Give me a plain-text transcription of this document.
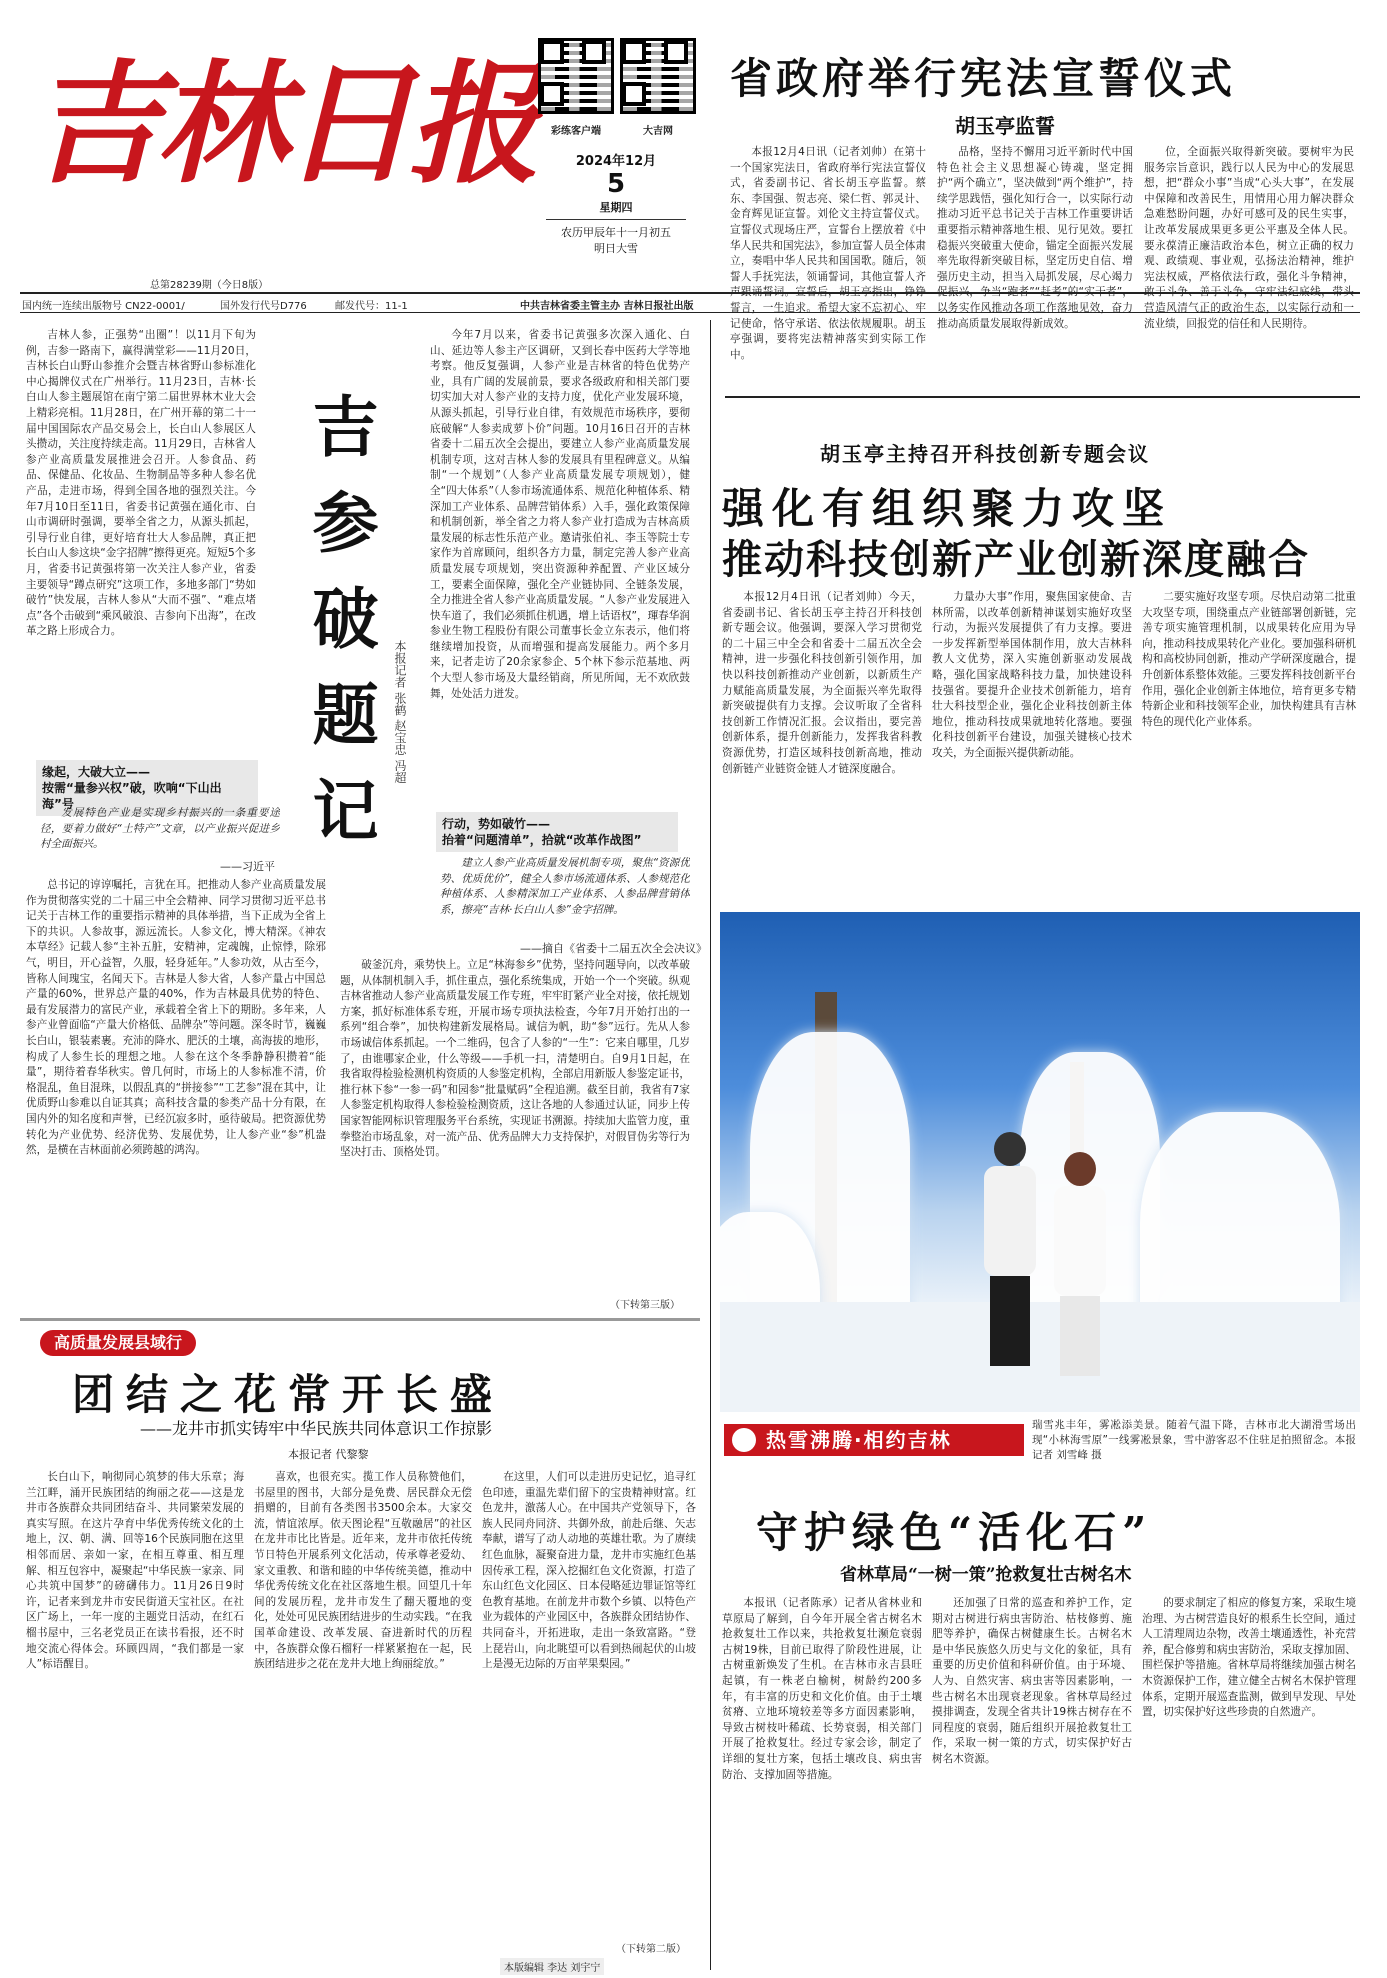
吉林日报	彩练客户端	大吉网
2024年12月
5
星期四
农历甲辰年十一月初五
明日大雪
总第28239期（今日8版）
国内统一连续出版物号 CN22-0001/	国外发行代号D776	邮发代号：11-1	中共吉林省委主管主办 吉林日报社出版
省政府举行宪法宣誓仪式
胡玉亭监誓
本报12月4日讯（记者刘帅）在第十一个国家宪法日，省政府举行宪法宣誓仪式，省委副书记、省长胡玉亭监誓。蔡东、李国强、贺志亮、梁仁哲、郭灵计、金育辉见证宣誓。刘伦文主持宣誓仪式。宣誓仪式现场庄严，宣誓台上摆放着《中华人民共和国宪法》，参加宣誓人员全体肃立，奏唱中华人民共和国国歌。随后，领誓人手抚宪法，领诵誓词，其他宣誓人齐声跟诵誓词。宣誓后，胡玉亭指出，铮铮誓言，一生追求。希望大家不忘初心、牢记使命，恪守承诺、依法依规履职。胡玉亭强调，要将宪法精神落实到实际工作中。
品格，坚持不懈用习近平新时代中国特色社会主义思想凝心铸魂，坚定拥护“两个确立”，坚决做到“两个维护”，持续学思践悟，强化知行合一，以实际行动推动习近平总书记关于吉林工作重要讲话重要指示精神落地生根、见行见效。要扛稳振兴突破重大使命，锚定全面振兴发展率先取得新突破目标，坚定历史自信、增强历史主动，担当入局抓发展，尽心竭力促振兴，争当“跑者”“赶考”的“实干者”，以务实作风推动各项工作落地见效，奋力推动高质量发展取得新成效。
位，全面振兴取得新突破。要树牢为民服务宗旨意识，践行以人民为中心的发展思想，把“群众小事”当成“心头大事”，在发展中保障和改善民生，用情用心用力解决群众急难愁盼问题，办好可感可及的民生实事，让改革发展成果更多更公平惠及全体人民。要永葆清正廉洁政治本色，树立正确的权力观、政绩观、事业观，弘扬法治精神，维护宪法权威，严格依法行政，强化斗争精神，敢于斗争、善于斗争，守牢法纪底线，带头营造风清气正的政治生态，以实际行动和一流业绩，回报党的信任和人民期待。
胡玉亭主持召开科技创新专题会议
强化有组织聚力攻坚
推动科技创新产业创新深度融合
本报12月4日讯（记者刘帅）今天，省委副书记、省长胡玉亭主持召开科技创新专题会议。他强调，要深入学习贯彻党的二十届三中全会和省委十二届五次全会精神，进一步强化科技创新引领作用，加快以科技创新推动产业创新，以新质生产力赋能高质量发展，为全面振兴率先取得新突破提供有力支撑。会议听取了全省科技创新工作情况汇报。会议指出，要完善创新体系，提升创新能力，发挥我省科教资源优势，打造区域科技创新高地，推动创新链产业链资金链人才链深度融合。
力量办大事”作用，聚焦国家使命、吉林所需，以改革创新精神谋划实施好攻坚行动，为振兴发展提供了有力支撑。要进一步发挥新型举国体制作用，放大吉林科教人文优势，深入实施创新驱动发展战略，强化国家战略科技力量，加快建设科技强省。要提升企业技术创新能力，培育壮大科技型企业，强化企业科技创新主体地位，推动科技成果就地转化落地。要强化科技创新平台建设，加强关键核心技术攻关，为全面振兴提供新动能。
二要实施好攻坚专项。尽快启动第二批重大攻坚专项，围绕重点产业链部署创新链，完善专项实施管理机制，以成果转化应用为导向，推动科技成果转化产业化。要加强科研机构和高校协同创新，推动产学研深度融合，提升创新体系整体效能。三要发挥科技创新平台作用，强化企业创新主体地位，培育更多专精特新企业和科技领军企业，加快构建具有吉林特色的现代化产业体系。
热雪沸腾·相约吉林
瑞雪兆丰年，雾凇添美景。随着气温下降，吉林市北大湖滑雪场出现“小林海雪原”一线雾凇景象，雪中游客忍不住驻足拍照留念。本报记者 刘雪峰 摄
守护绿色“活化石”
省林草局“一树一策”抢救复壮古树名木
本报讯（记者陈承）记者从省林业和草原局了解到，自今年开展全省古树名木抢救复壮工作以来，共抢救复壮濒危衰弱古树19株，目前已取得了阶段性进展，让古树重新焕发了生机。在吉林市永吉县旺起镇，有一株老白榆树，树龄约200多年，有丰富的历史和文化价值。由于土壤贫瘠、立地环境较差等多方面因素影响，导致古树枝叶稀疏、长势衰弱，相关部门开展了抢救复壮。经过专家会诊，制定了详细的复壮方案，包括土壤改良、病虫害防治、支撑加固等措施。
还加强了日常的巡查和养护工作，定期对古树进行病虫害防治、枯枝修剪、施肥等养护，确保古树健康生长。古树名木是中华民族悠久历史与文化的象征，具有重要的历史价值和科研价值。由于环境、人为、自然灾害、病虫害等因素影响，一些古树名木出现衰老现象。省林草局经过摸排调查，发现全省共计19株古树存在不同程度的衰弱，随后组织开展抢救复壮工作，采取一树一策的方式，切实保护好古树名木资源。
的要求制定了相应的修复方案，采取生境治理、为古树营造良好的根系生长空间，通过人工清理周边杂物，改善土壤通透性，补充营养，配合修剪和病虫害防治，采取支撑加固、围栏保护等措施。省林草局将继续加强古树名木资源保护工作，建立健全古树名木保护管理体系，定期开展巡查监测，做到早发现、早处置，切实保护好这些珍贵的自然遗产。
吉林人参，正强势“出圈”！以11月下旬为例，吉参一路南下，赢得满堂彩——11月20日，吉林长白山野山参推介会暨吉林省野山参标准化中心揭牌仪式在广州举行。11月23日，吉林·长白山人参主题展馆在南宁第二届世界林木业大会上精彩亮相。11月28日，在广州开幕的第二十一届中国国际农产品交易会上，长白山人参展区人头攒动，关注度持续走高。11月29日，吉林省人参产业高质量发展推进会召开。人参食品、药品、保健品、化妆品、生物制品等多种人参名优产品，走进市场，得到全国各地的强烈关注。今年7月10日至11日，省委书记黄强在通化市、白山市调研时强调，要举全省之力，从源头抓起，引导行业自律，更好培育壮大人参品牌，真正把长白山人参这块“金字招牌”擦得更亮。短短5个多月，省委书记黄强将第一次关注人参产业，省委主要领导“蹲点研究”这项工作，多地多部门“势如破竹”快发展，吉林人参从“大而不强”、“难点堵点”各个击破到“乘风破浪、吉参向下出海”，在改革之路上形成合力。	吉参破题记 本报记者 张鹤 赵宝忠 冯超
缘起，大破大立——
按需“量参兴权”破，吹响“下山出海”号
发展特色产业是实现乡村振兴的一条重要途径，要着力做好“土特产”文章，以产业振兴促进乡村全面振兴。
——习近平
总书记的谆谆嘱托，言犹在耳。把推动人参产业高质量发展作为贯彻落实党的二十届三中全会精神、同学习贯彻习近平总书记关于吉林工作的重要指示精神的具体举措，当下正成为全省上下的共识。人参故事，源远流长。人参文化，博大精深。《神农本草经》记载人参“主补五脏，安精神，定魂魄，止惊悸，除邪气，明目，开心益智，久服，轻身延年。”人参功效，从古至今，皆称人间瑰宝，名闻天下。吉林是人参大省，人参产量占中国总产量的60%，世界总产量的40%，作为吉林最具优势的特色、最有发展潜力的富民产业，承载着全省上下的期盼。多年来，人参产业曾面临“产量大价格低、品牌杂”等问题。深冬时节，巍巍长白山，银装素裹。充沛的降水、肥沃的土壤，高海拔的地形，构成了人参生长的理想之地。人参在这个冬季静静积攒着“能量”，期待着春华秋实。曾几何时，市场上的人参标准不清，价格混乱，鱼目混珠，以假乱真的“拼接参”“工艺参”混在其中，让优质野山参难以自证其真；高科技含量的参类产品十分有限，在国内外的知名度和声誉，已经沉寂多时，亟待破局。把资源优势转化为产业优势、经济优势、发展优势，让人参产业“参”机盎然，是横在吉林面前必须跨越的鸿沟。
今年7月以来，省委书记黄强多次深入通化、白山、延边等人参主产区调研，又到长春中医药大学等地考察。他反复强调，人参产业是吉林省的特色优势产业，具有广阔的发展前景，要求各级政府和相关部门要切实加大对人参产业的支持力度，优化产业发展环境，从源头抓起，引导行业自律，有效规范市场秩序，要彻底破解“人参卖成萝卜价”问题。10月16日召开的吉林省委十二届五次全会提出，要建立人参产业高质量发展机制专项，这对吉林人参的发展具有里程碑意义。从编制“一个规划”（人参产业高质量发展专项规划），健全“四大体系”（人参市场流通体系、规范化种植体系、精深加工产业体系、品牌营销体系）入手，强化政策保障和机制创新，举全省之力将人参产业打造成为吉林高质量发展的标志性乐范产业。邀请张伯礼、李玉等院士专家作为首席顾问，组织各方力量，制定完善人参产业高质量发展专项规划，突出资源种养配置、产业区域分工，要素全面保障，强化全产业链协同、全链条发展，全力推进全省人参产业高质量发展。“人参产业发展进入快车道了，我们必须抓住机遇，增上话语权”，琿春华润参业生物工程股份有限公司董事长金立东表示，他们将继续增加投资，从而增强和提高发展能力。两个多月来，记者走访了20余家参企、5个林下参示范基地、两个大型人参市场及大量经销商，所见所闻，无不欢欣鼓舞，处处活力迸发。
行动，势如破竹——
抬着“问题清单”，拾就“改革作战图”
建立人参产业高质量发展机制专项，聚焦“资源优势、优质优价”，健全人参市场流通体系、人参规范化种植体系、人参精深加工产业体系、人参品牌营销体系，擦亮“吉林·长白山人参”金字招牌。
——摘自《省委十二届五次全会决议》
破釜沉舟，乘势快上。立足“林海参乡”优势，坚持问题导向，以改革破题，从体制机制入手，抓住重点，强化系统集成，开始一个一个突破。纵观吉林省推动人参产业高质量发展工作专班，牢牢盯紧产业全对接，依托规划方案，抓好标准体系专班，开展市场专项执法检查，今年7月开始打出的一系列“组合拳”，加快构建新发展格局。诚信为帆，助“参”远行。先从人参市场诚信体系抓起。一个二维码，包含了人参的“一生”：它来自哪里，几岁了，由谁哪家企业，什么等级——手机一扫，清楚明白。自9月1日起，在我省取得检验检测机构资质的人参鉴定机构，全部启用新版人参鉴定证书，推行林下参“一参一码”和园参“批量赋码”全程追溯。截至目前，我省有7家人参鉴定机构取得人参检验检测资质，这让各地的人参通过认证，同步上传国家智能网标识管理服务平台系统，实现证书溯源。持续加大监管力度，重拳整治市场乱象，对一流产品、优秀品牌大力支持保护，对假冒伪劣等行为坚决打击、顶格处罚。
（下转第三版）
高质量发展县域行
团结之花常开长盛
——龙井市抓实铸牢中华民族共同体意识工作掠影
本报记者 代黎黎
长白山下，响彻同心筑梦的伟大乐章；海兰江畔，涌开民族团结的绚丽之花——这是龙井市各族群众共同团结奋斗、共同繁荣发展的真实写照。在这片孕育中华优秀传统文化的土地上，汉、朝、满、回等16个民族同胞在这里相邻而居、亲如一家，在相互尊重、相互理解、相互包容中，凝聚起“中华民族一家亲、同心共筑中国梦”的磅礴伟力。11月26日9时许，记者来到龙井市安民街道天宝社区。在社区广场上，一年一度的主题党日活动，在红石榴书屋中，三名老党员正在读书看报，还不时地交流心得体会。环顾四周，“我们都是一家人”标语醒目。
喜欢，也很充实。揽工作人员称赞他们，书屋里的图书，大部分是免费、居民群众无偿捐赠的，目前有各类图书3500余本。大家交流，情谊浓厚。依天图论程“互敬融居”的社区在龙井市比比皆是。近年来，龙井市依托传统节日特色开展系列文化活动，传承尊老爱幼、家文重教、和谐和睦的中华传统美德，推动中华优秀传统文化在社区落地生根。回望几十年间的发展历程，龙井市发生了翻天覆地的变化，处处可见民族团结进步的生动实践。“在我国革命建设、改革发展、奋进新时代的历程中，各族群众像石榴籽一样紧紧抱在一起，民族团结进步之花在龙井大地上绚丽绽放。”
在这里，人们可以走进历史记忆，追寻红色印迹，重温先辈们留下的宝贵精神财富。红色龙井，激荡人心。在中国共产党领导下，各族人民同舟同济、共御外敌，前赴后继、矢志奉献，谱写了动人动地的英雄壮歌。为了赓续红色血脉，凝聚奋进力量，龙井市实施红色基因传承工程，深入挖掘红色文化资源，打造了东山红色文化园区、日本侵略延边罪证馆等红色教育基地。在前龙井市数个乡镇、以特色产业为载体的产业园区中，各族群众团结协作、共同奋斗，开拓进取，走出一条致富路。“登上琵岩山，向北眺望可以看到热闹起伏的山坡上是漫无边际的万亩苹果梨园。”
（下转第二版）
本版编辑 李达 刘宇宁
